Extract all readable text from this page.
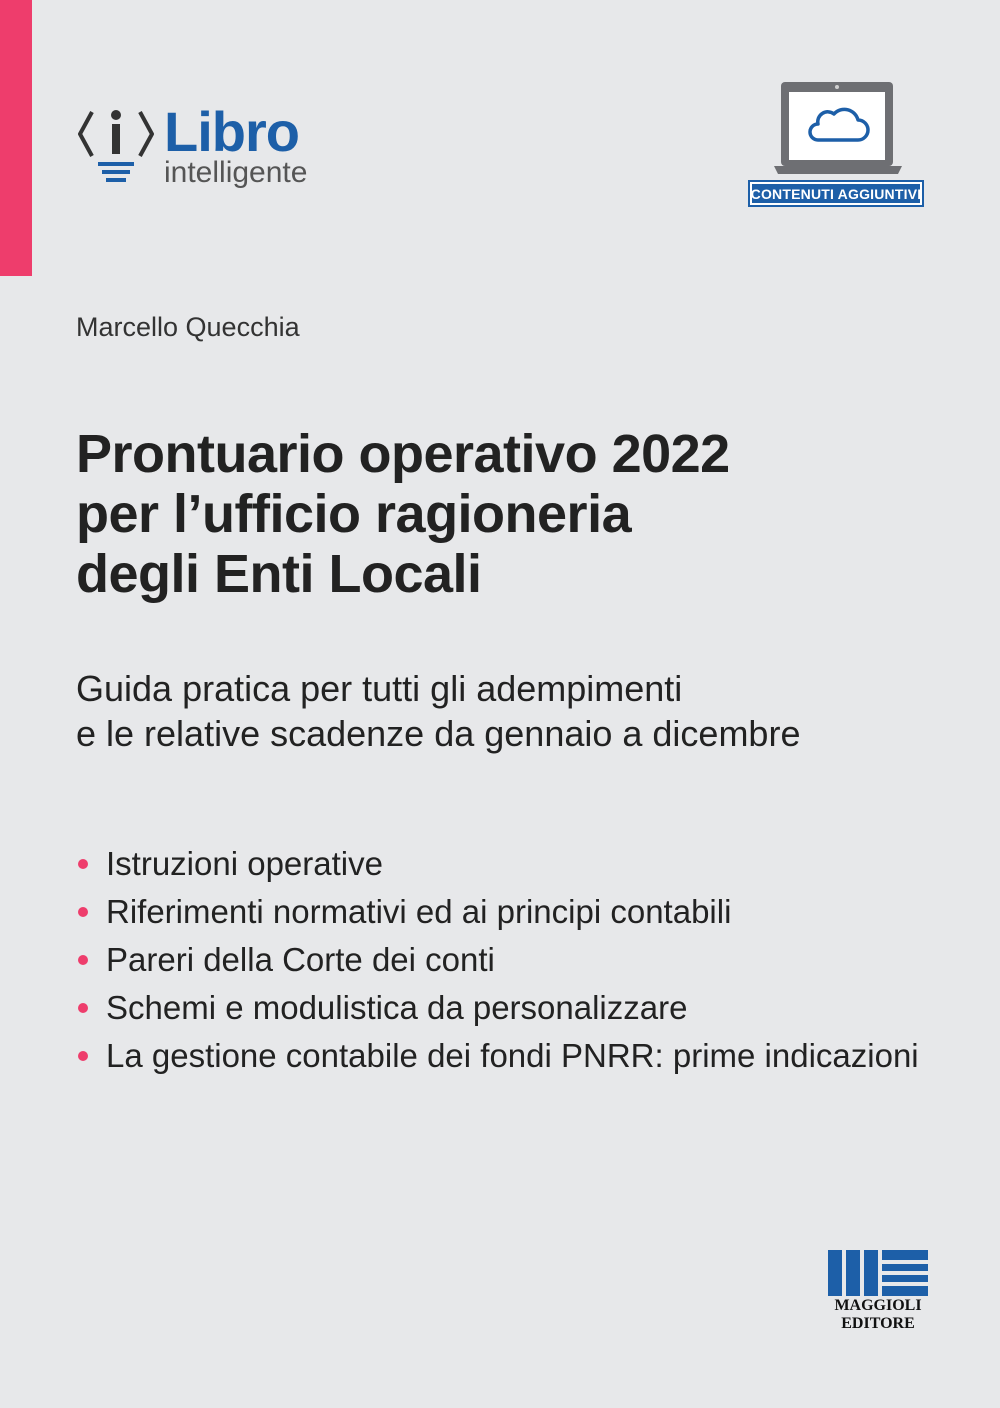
Libro
intelligente
CONTENUTI AGGIUNTIVI
Marcello Quecchia
Prontuario operativo 2022
per l’ufficio ragioneria
degli Enti Locali
Guida pratica per tutti gli adempimenti
e le relative scadenze da gennaio a dicembre
Istruzioni operative
Riferimenti normativi ed ai principi contabili
Pareri della Corte dei conti
Schemi e modulistica da personalizzare
La gestione contabile dei fondi PNRR: prime indicazioni
MAGGIOLI
EDITORE
